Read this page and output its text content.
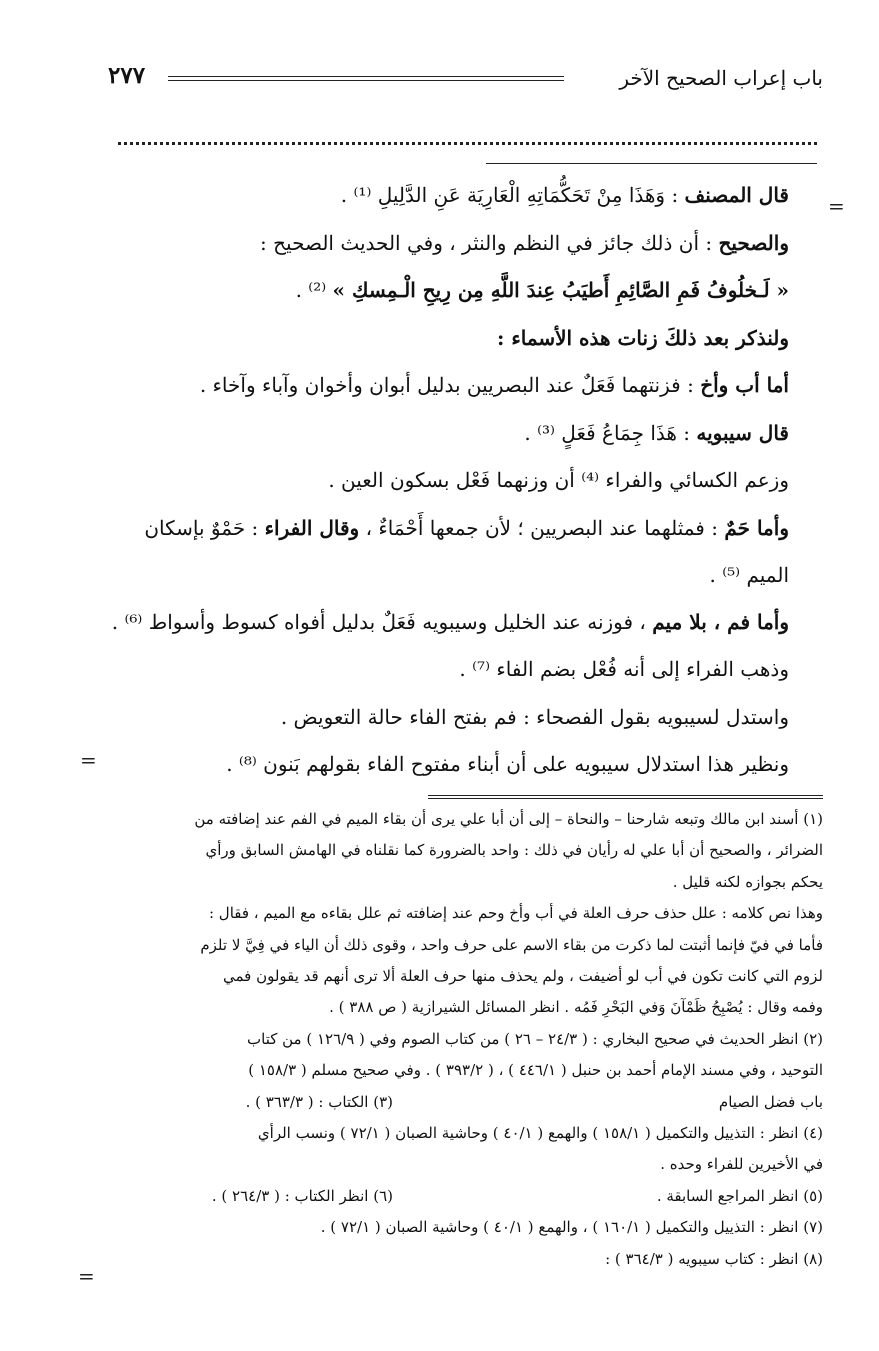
باب إعراب الصحيح الآخر
٢٧٧
=
=
=
قال المصنف : وَهَذَا مِنْ تَحَكُّمَاتِهِ الْعَارِيَة عَنِ الدَّلِيلِ ⁽¹⁾ .
والصحيح : أن ذلك جائز في النظم والنثر ، وفي الحديث الصحيح :
« لَـخلُوفُ فَمِ الصَّائِمِ أَطيَبُ عِندَ اللَّهِ مِن رِيحِ الْـمِسكِ » ⁽²⁾ .
ولنذكر بعد ذلكَ زنات هذه الأسماء :
أما أب وأخ : فزنتهما فَعَلٌ عند البصريين بدليل أبوان وأخوان وآباء وآخاء .
قال سيبويه : هَذَا جِمَاعُ فَعَلٍ ⁽³⁾ .
وزعم الكسائي والفراء ⁽⁴⁾ أن وزنهما فَعْل بسكون العين .
وأما حَمٌ : فمثلهما عند البصريين ؛ لأن جمعها أَحْمَاءٌ ، وقال الفراء : حَمْوٌ بإسكان الميم ⁽⁵⁾ .
وأما فم ، بلا ميم ، فوزنه عند الخليل وسيبويه فَعَلٌ بدليل أفواه كسوط وأسواط ⁽⁶⁾ .
وذهب الفراء إلى أنه فُعْل بضم الفاء ⁽⁷⁾ .
واستدل لسيبويه بقول الفصحاء : فم بفتح الفاء حالة التعويض .
ونظير هذا استدلال سيبويه على أن أبناء مفتوح الفاء بقولهم بَنون ⁽⁸⁾ .
(١) أسند ابن مالك وتبعه شارحنا – والنحاة – إلى أن أبا علي يرى أن بقاء الميم في الفم عند إضافته من
الضرائر ، والصحيح أن أبا علي له رأيان في ذلك : واحد بالضرورة كما نقلناه في الهامش السابق ورأي
يحكم بجوازه لكنه قليل .
وهذا نص كلامه : علل حذف حرف العلة في أب وأخ وحم عند إضافته ثم علل بقاءه مع الميم ، فقال :
فأما في فيّ فإنما أثبتت لما ذكرت من بقاء الاسم على حرف واحد ، وقوى ذلك أن الياء في فِيَّ لا تلزم
لزوم التي كانت تكون في أب لو أضيفت ، ولم يحذف منها حرف العلة ألا ترى أنهم قد يقولون فمي
وفمه وقال : يُصْبِحُ ظَمْآنَ وَفي البَحْرِ فَمُه . انظر المسائل الشيرازية ( ص ٣٨٨ ) .
(٢) انظر الحديث في صحيح البخاري : ( ٢٤/٣ – ٢٦ ) من كتاب الصوم وفي ( ١٢٦/٩ ) من كتاب
التوحيد ، وفي مسند الإمام أحمد بن حنبل ( ٤٤٦/١ ) ، ( ٣٩٣/٢ ) . وفي صحيح مسلم ( ١٥٨/٣ )
باب فضل الصيام
(٣) الكتاب : ( ٣٦٣/٣ ) .
(٤) انظر : التذييل والتكميل ( ١٥٨/١ ) والهمع ( ٤٠/١ ) وحاشية الصبان ( ٧٢/١ ) ونسب الرأي
في الأخيرين للفراء وحده .
(٥) انظر المراجع السابقة .
(٦) انظر الكتاب : ( ٢٦٤/٣ ) .
(٧) انظر : التذييل والتكميل ( ١٦٠/١ ) ، والهمع ( ٤٠/١ ) وحاشية الصبان ( ٧٢/١ ) .
(٨) انظر : كتاب سيبويه ( ٣٦٤/٣ ) :
